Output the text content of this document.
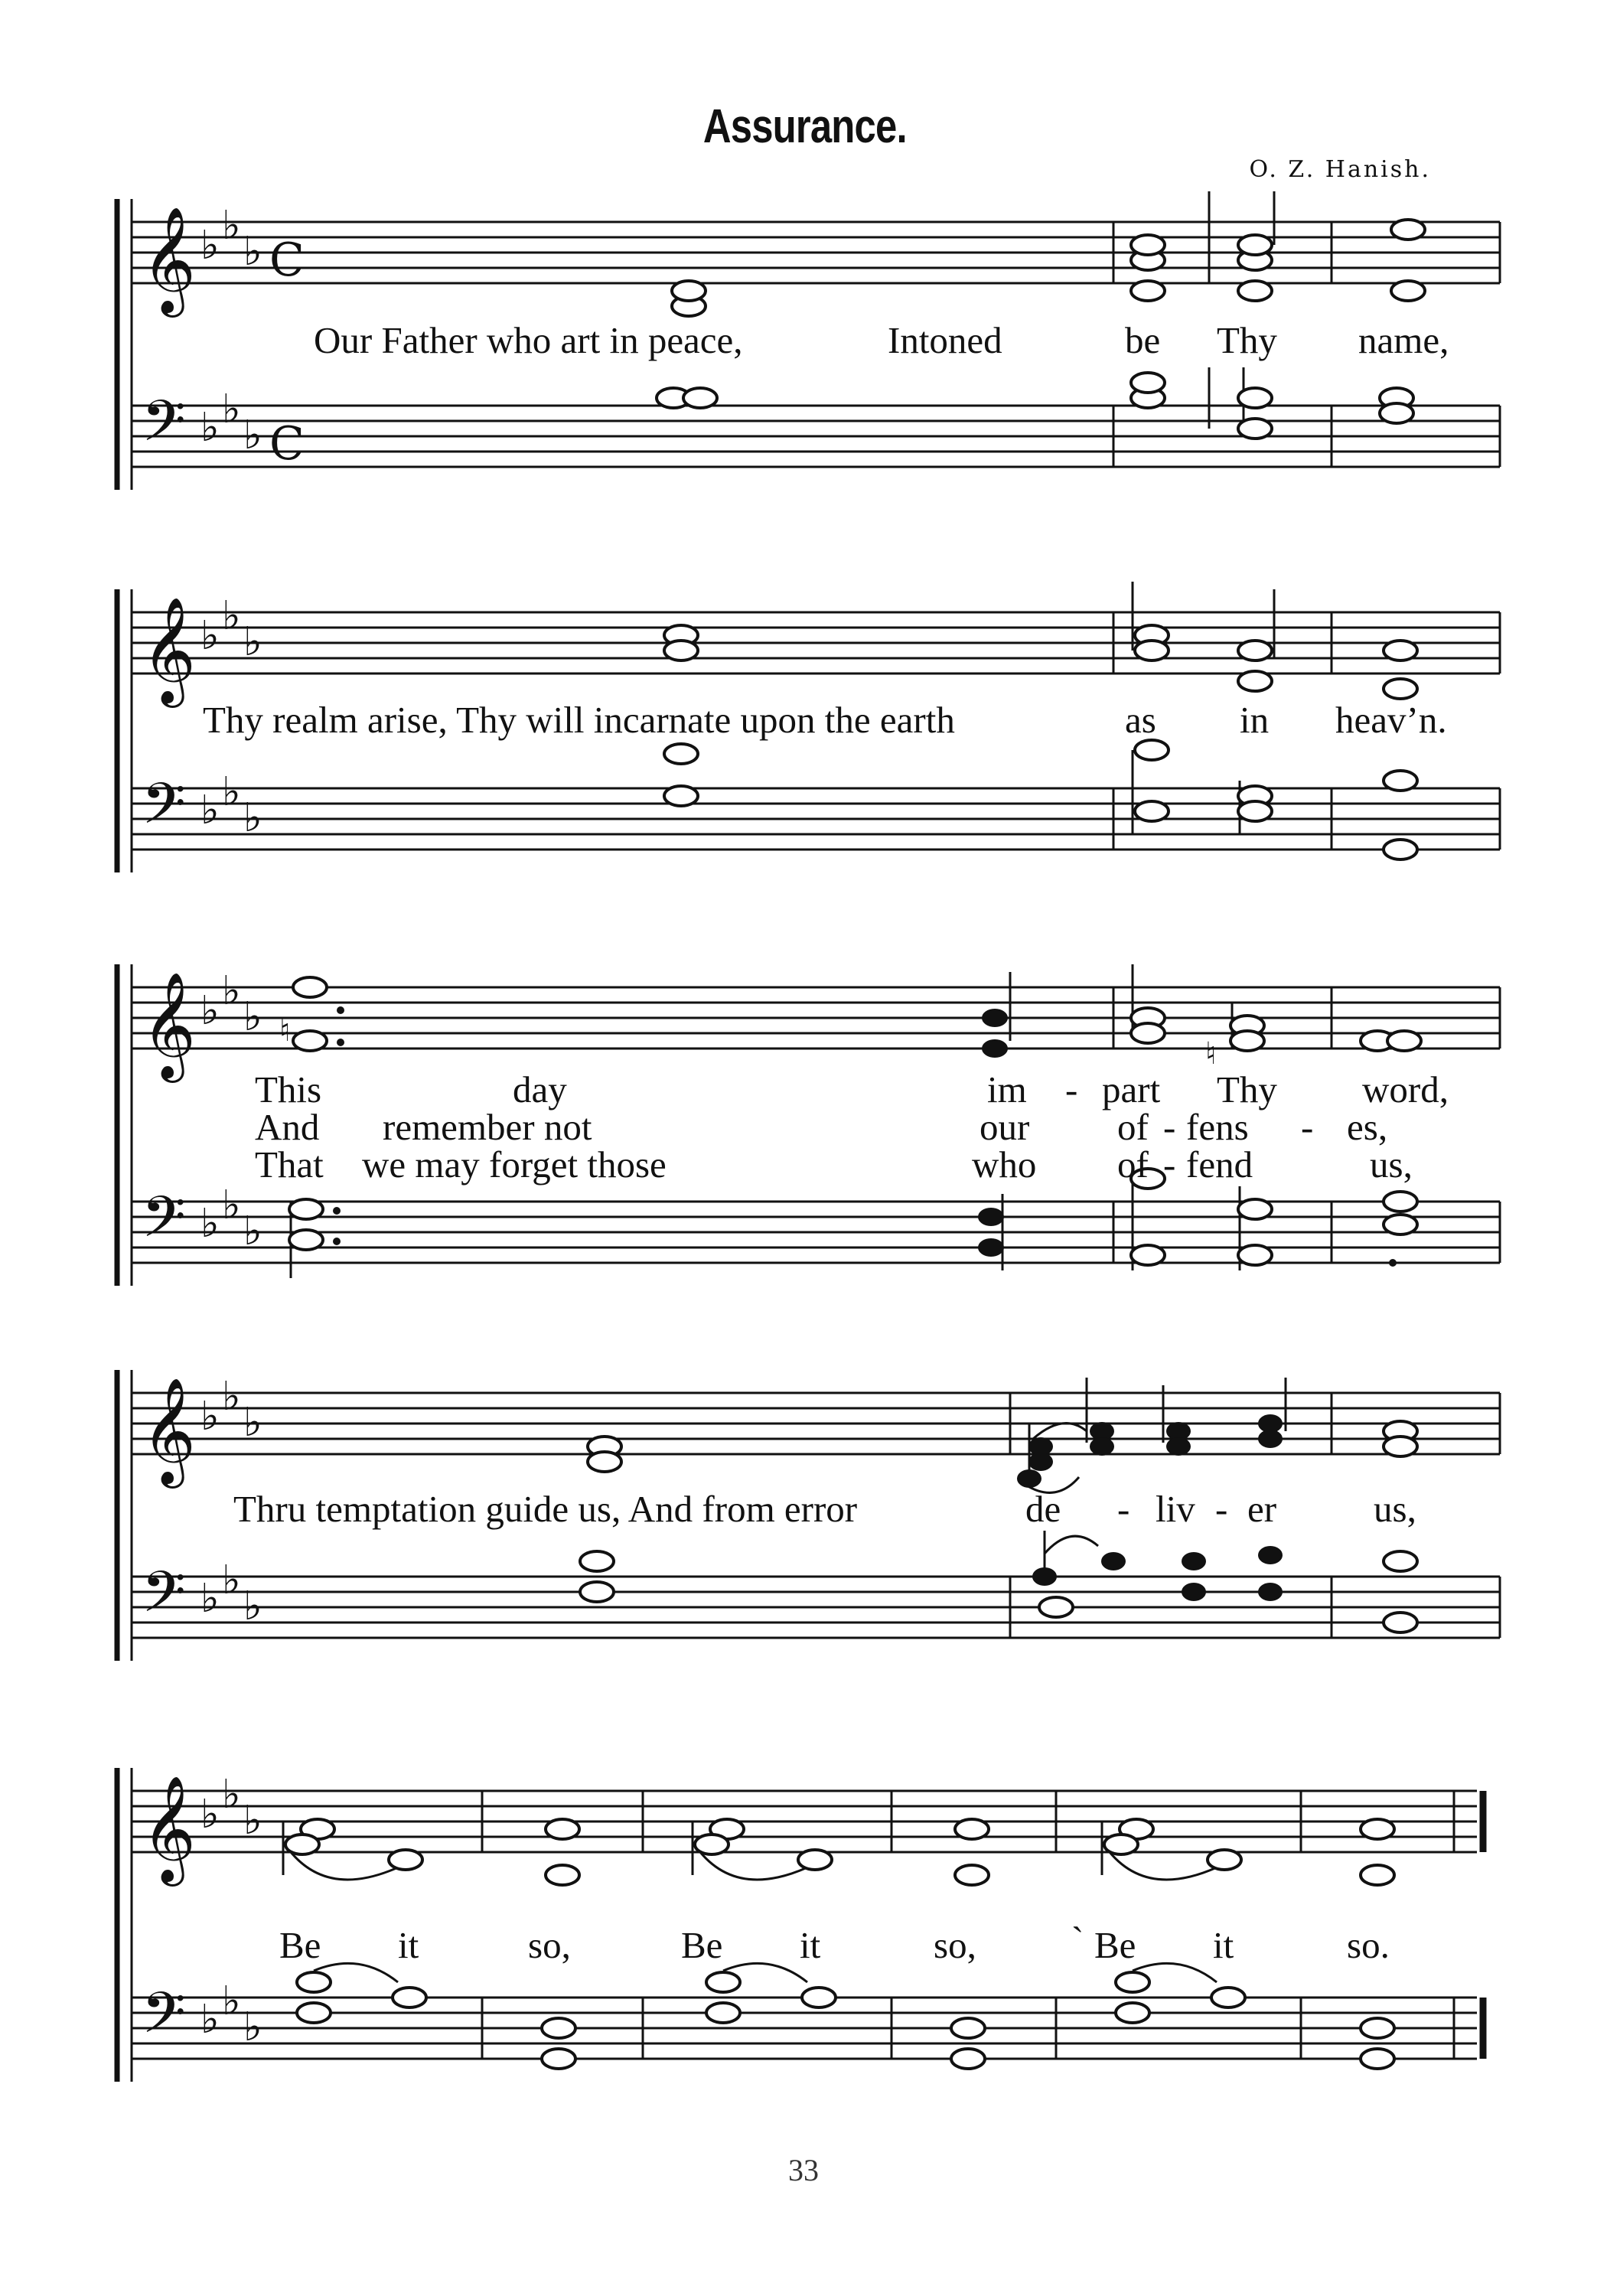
Assurance.
O. Z. Hanish.
𝄞
𝄢
♭ ♭
♭
♭ ♭
♭
C
C
Our Father who art in peace,	Intoned	be Thy name,
𝄞
𝄢
♭ ♭
♭
♭ ♭
♭
Thy realm arise, Thy will incarnate upon the earth	as in heav’n.
𝄞
𝄢
♭ ♭
♭
♭ ♭
♭
♮
♮
This	day	im - part Thy word,
And remember not	our of - fens - es,
That we may forget those	who of - fend	us,
𝄞
𝄢
♭ ♭
♭
♭ ♭
♭
Thru temptation guide us, And from error	de - liv - er	us,
𝄞
𝄢
♭ ♭
♭
♭ ♭
♭
Be it	so,	Be it	so,	` Be it	so.
33
